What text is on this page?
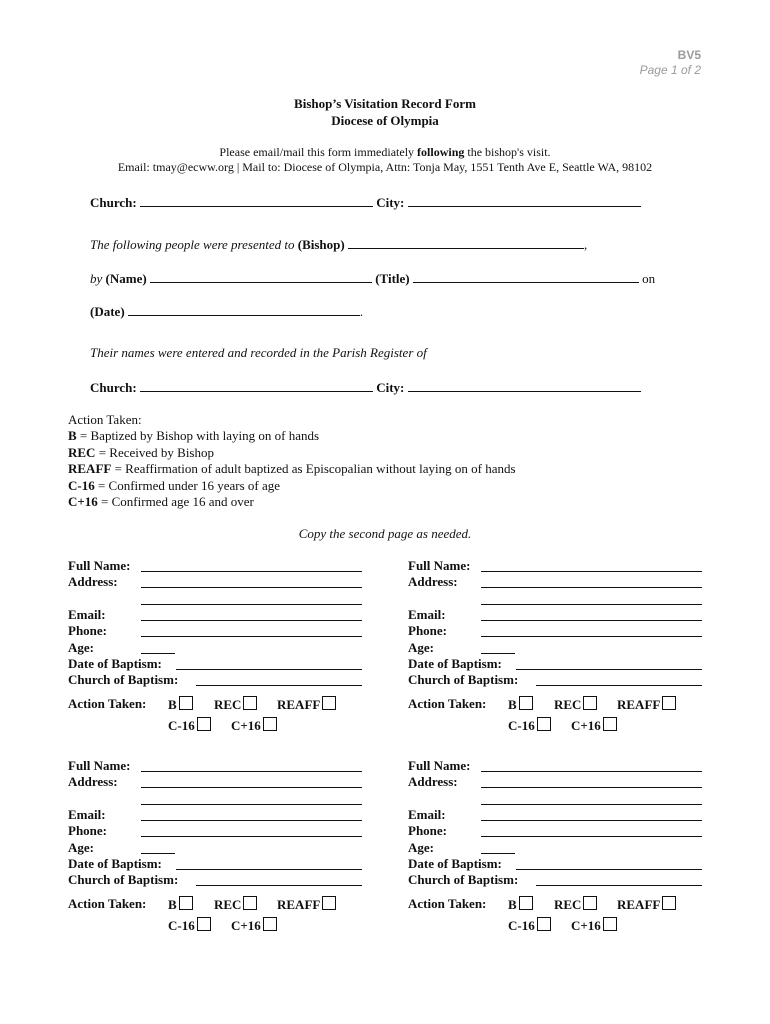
BV5
Page 1 of 2
Bishop’s Visitation Record Form
Diocese of Olympia
Please email/mail this form immediately following the bishop's visit.
Email: tmay@ecww.org | Mail to: Diocese of Olympia, Attn: Tonja May, 1551 Tenth Ave E, Seattle WA, 98102
Church:	City:
The following people were presented to (Bishop)	,
by (Name)	(Title)	on
(Date)	.
Their names were entered and recorded in the Parish Register of
Church:	City:
Action Taken:
B = Baptized by Bishop with laying on of hands
REC = Received by Bishop
REAFF = Reaffirmation of adult baptized as Episcopalian without laying on of hands
C-16 = Confirmed under 16 years of age
C+16 = Confirmed age 16 and over
Copy the second page as needed.
Full Name:
Address:
Email:
Phone:
Age:
Date of Baptism:
Church of Baptism:
Action Taken: B	REC	REAFF
C-16	C+16
Full Name:
Address:
Email:
Phone:
Age:
Date of Baptism:
Church of Baptism:
Action Taken: B	REC	REAFF
C-16	C+16
Full Name:
Address:
Email:
Phone:
Age:
Date of Baptism:
Church of Baptism:
Action Taken: B	REC	REAFF
C-16	C+16
Full Name:
Address:
Email:
Phone:
Age:
Date of Baptism:
Church of Baptism:
Action Taken: B	REC	REAFF
C-16	C+16
